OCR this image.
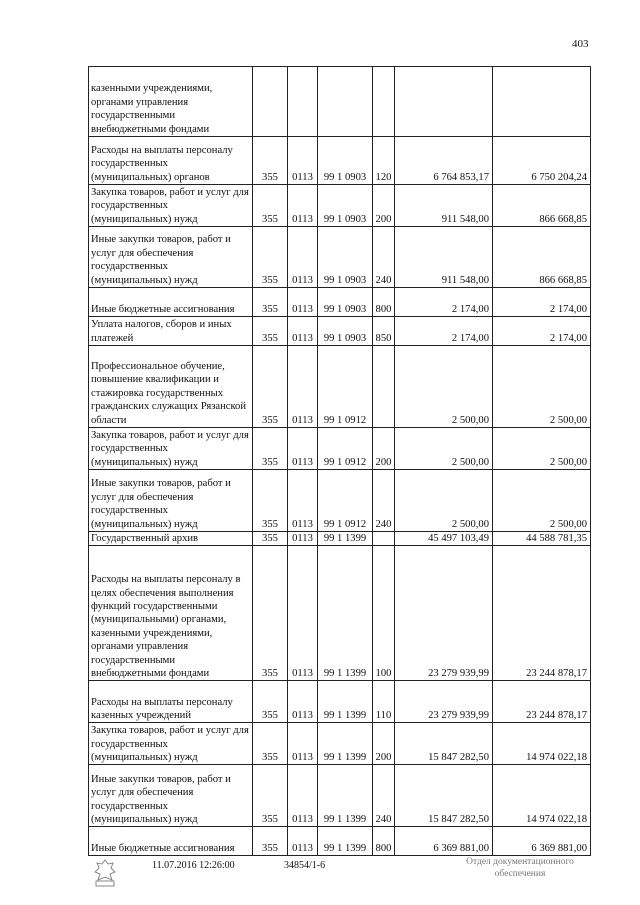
403
казенными учреждениями, органами управления государственными внебюджетными фондами						
Расходы на выплаты персоналу государственных (муниципальных) органов	355	0113	99 1 0903	120	6 764 853,17	6 750 204,24
Закупка товаров, работ и услуг для государственных (муниципальных) нужд	355	0113	99 1 0903	200	911 548,00	866 668,85
Иные закупки товаров, работ и услуг для обеспечения государственных (муниципальных) нужд	355	0113	99 1 0903	240	911 548,00	866 668,85
Иные бюджетные ассигнования	355	0113	99 1 0903	800	2 174,00	2 174,00
Уплата налогов, сборов и иных платежей	355	0113	99 1 0903	850	2 174,00	2 174,00
Профессиональное обучение, повышение квалификации и стажировка государственных гражданских служащих Рязанской области	355	0113	99 1 0912		2 500,00	2 500,00
Закупка товаров, работ и услуг для государственных (муниципальных) нужд	355	0113	99 1 0912	200	2 500,00	2 500,00
Иные закупки товаров, работ и услуг для обеспечения государственных (муниципальных) нужд	355	0113	99 1 0912	240	2 500,00	2 500,00
Государственный архив	355	0113	99 1 1399		45 497 103,49	44 588 781,35
Расходы на выплаты персоналу в целях обеспечения выполнения функций государственными (муниципальными) органами, казенными учреждениями, органами управления государственными внебюджетными фондами	355	0113	99 1 1399	100	23 279 939,99	23 244 878,17
Расходы на выплаты персоналу казенных учреждений	355	0113	99 1 1399	110	23 279 939,99	23 244 878,17
Закупка товаров, работ и услуг для государственных (муниципальных) нужд	355	0113	99 1 1399	200	15 847 282,50	14 974 022,18
Иные закупки товаров, работ и услуг для обеспечения государственных (муниципальных) нужд	355	0113	99 1 1399	240	15 847 282,50	14 974 022,18
Иные бюджетные ассигнования	355	0113	99 1 1399	800	6 369 881,00	6 369 881,00
11.07.2016 12:26:00	34854/1-6	Отдел документационного
обеспечения
